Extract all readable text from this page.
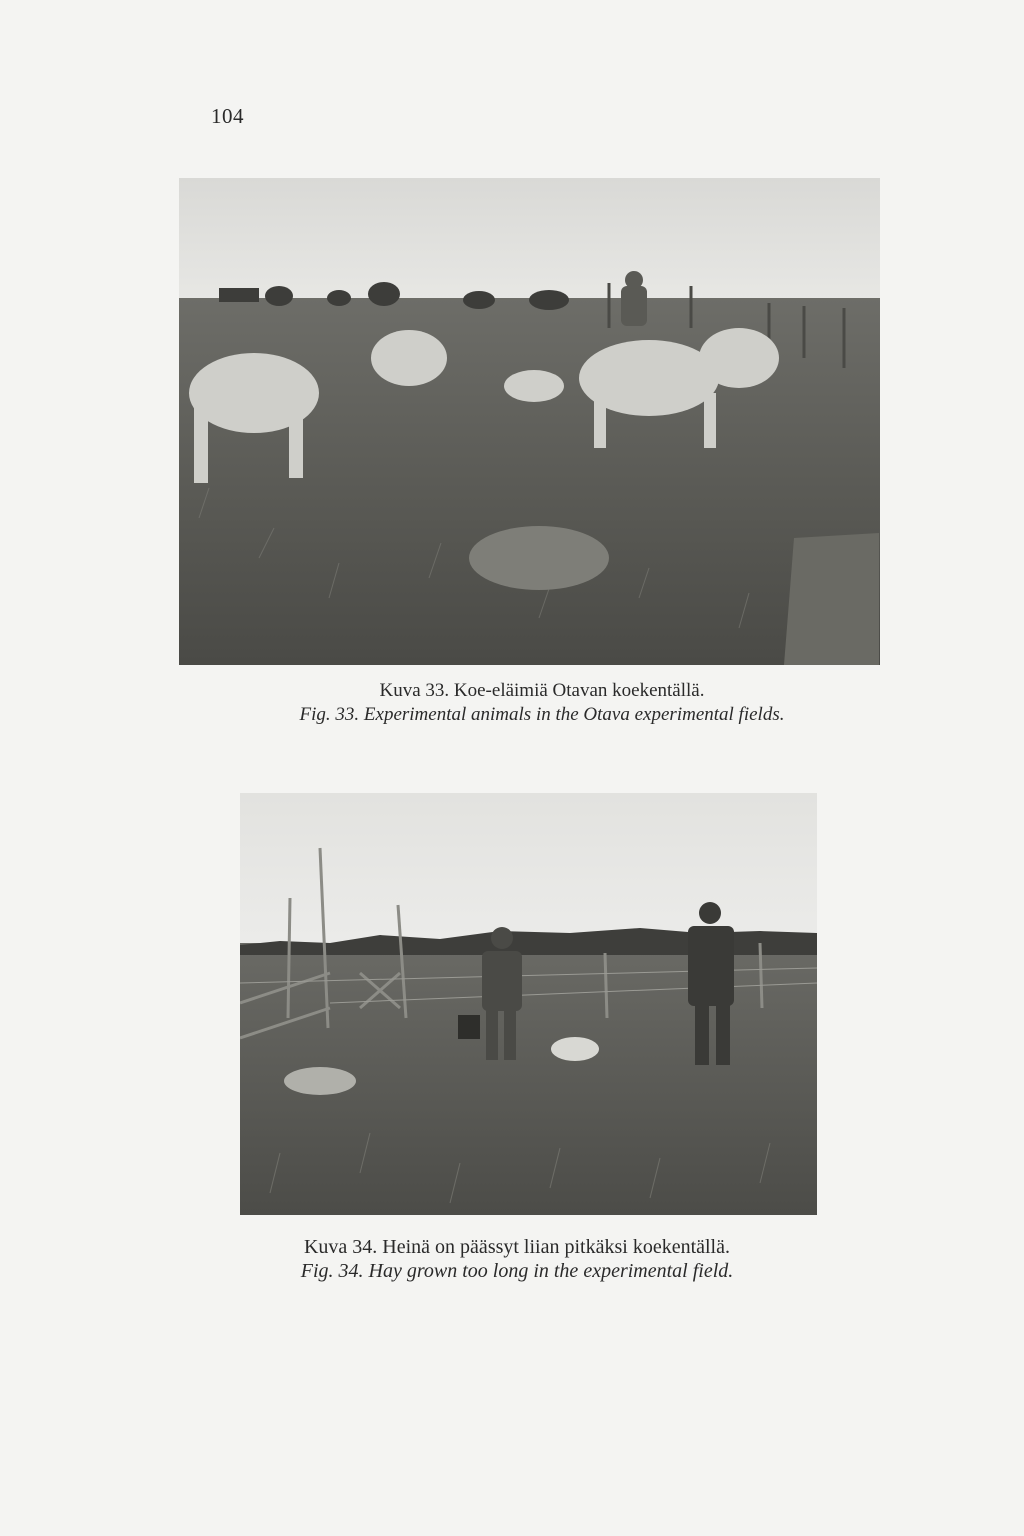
104
Kuva 33. Koe-eläimiä Otavan koekentällä.
Fig. 33. Experimental animals in the Otava experimental fields.
Kuva 34. Heinä on päässyt liian pitkäksi koekentällä.
Fig. 34. Hay grown too long in the experimental field.
